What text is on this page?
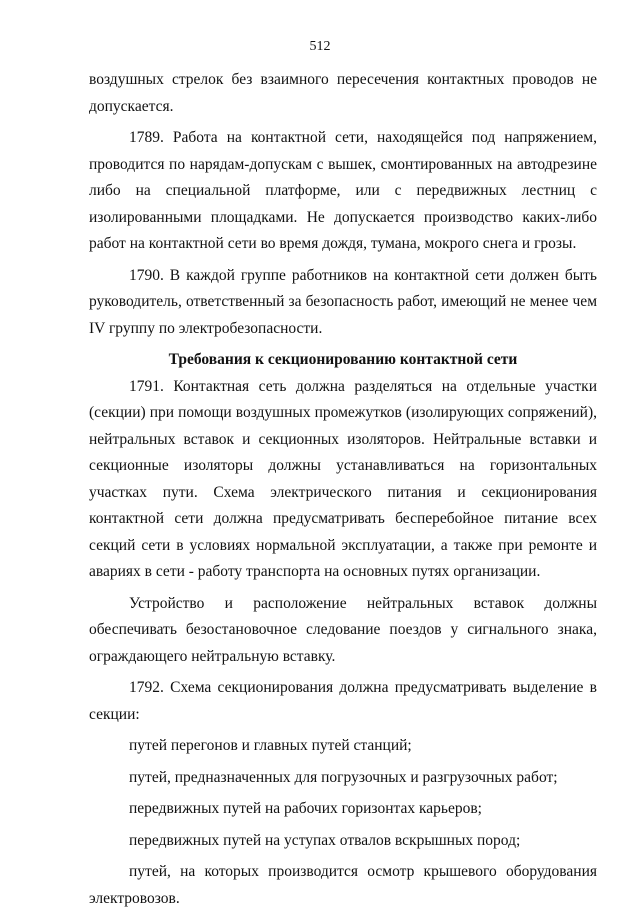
512

воздушных стрелок без взаимного пересечения контактных проводов не допускается.

1789. Работа на контактной сети, находящейся под напряжением, проводится по нарядам-допускам с вышек, смонтированных на автодрезине либо на специальной платформе, или с передвижных лестниц с изолированными площадками. Не допускается производство каких-либо работ на контактной сети во время дождя, тумана, мокрого снега и грозы.

1790. В каждой группе работников на контактной сети должен быть руководитель, ответственный за безопасность работ, имеющий не менее чем IV группу по электробезопасности.

Требования к секционированию контактной сети

1791. Контактная сеть должна разделяться на отдельные участки (секции) при помощи воздушных промежутков (изолирующих сопряжений), нейтральных вставок и секционных изоляторов. Нейтральные вставки и секционные изоляторы должны устанавливаться на горизонтальных участках пути. Схема электрического питания и секционирования контактной сети должна предусматривать бесперебойное питание всех секций сети в условиях нормальной эксплуатации, а также при ремонте и авариях в сети - работу транспорта на основных путях организации.

Устройство и расположение нейтральных вставок должны обеспечивать безостановочное следование поездов у сигнального знака, ограждающего нейтральную вставку.

1792. Схема секционирования должна предусматривать выделение в секции:

путей перегонов и главных путей станций;

путей, предназначенных для погрузочных и разгрузочных работ;

передвижных путей на рабочих горизонтах карьеров;

передвижных путей на уступах отвалов вскрышных пород;

путей, на которых производится осмотр крышевого оборудования электровозов.
